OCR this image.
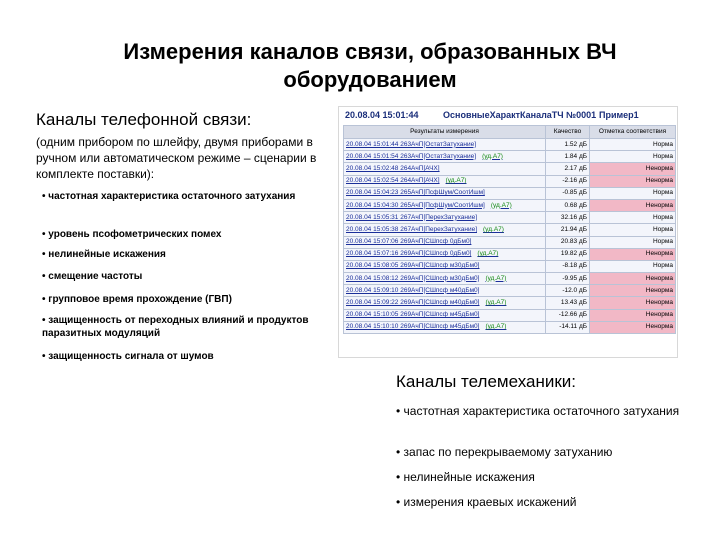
Измерения каналов связи, образованных ВЧ оборудованием
Каналы телефонной связи:
(одним прибором по шлейфу, двумя приборами в ручном или автоматическом режиме – сценарии в комплекте поставки):
• частотная характеристика остаточного затухания
• уровень псофометрических помех
• нелинейные искажения
• смещение частоты
• групповое время прохождение (ГВП)
• защищенность от переходных влияний и продуктов паразитных модуляций
• защищенность сигнала от шумов
20.08.04 15:01:44	ОсновныеХарактКаналаТЧ №0001 Пример1
Результаты измерения	Качество	Отметка соответствия
20.08.04 15:01:44 263АчП[ОстатЗатухание]	1.52 дБ	Норма
20.08.04 15:01:54 263АчП[ОстатЗатухание] (уд.А7)	1.84 дБ	Норма
20.08.04 15:02:48 264АчП[АЧХ]	2.17 дБ	Ненорма
20.08.04 15:02:54 264АчП[АЧХ] (уд.А7)	-2.16 дБ	Ненорма
20.08.04 15:04:23 265АчП[ПсфШум/СоотИшм]	-0.85 дБ	Норма
20.08.04 15:04:30 265АчП[ПсфШум/СоотИшм] (уд.А7)	0.68 дБ	Ненорма
20.08.04 15:05:31 267АчП[ПерехЗатухание]	32.16 дБ	Норма
20.08.04 15:05:38 267АчП[ПерехЗатухание] (уд.А7)	21.94 дБ	Норма
20.08.04 15:07:06 269АчП[СШпсф 0дБм0]	20.83 дБ	Норма
20.08.04 15:07:16 269АчП[СШпсф 0дБм0] (уд.А7)	19.82 дБ	Ненорма
20.08.04 15:08:05 269АчП[СШпсф м30дБм0]	-8.18 дБ	Норма
20.08.04 15:08:12 269АчП[СШпсф м30дБм0] (уд.А7)	-9.95 дБ	Ненорма
20.08.04 15:09:10 269АчП[СШпсф м40дБм0]	-12.0 дБ	Ненорма
20.08.04 15:09:22 269АчП[СШпсф м40дБм0] (уд.А7)	13.43 дБ	Ненорма
20.08.04 15:10:05 269АчП[СШпсф м45дБм0]	-12.66 дБ	Ненорма
20.08.04 15:10:10 269АчП[СШпсф м45дБм0] (уд.А7)	-14.11 дБ	Ненорма
Каналы телемеханики:
• частотная характеристика остаточного затухания
• запас по перекрываемому затуханию
• нелинейные искажения
• измерения краевых искажений
